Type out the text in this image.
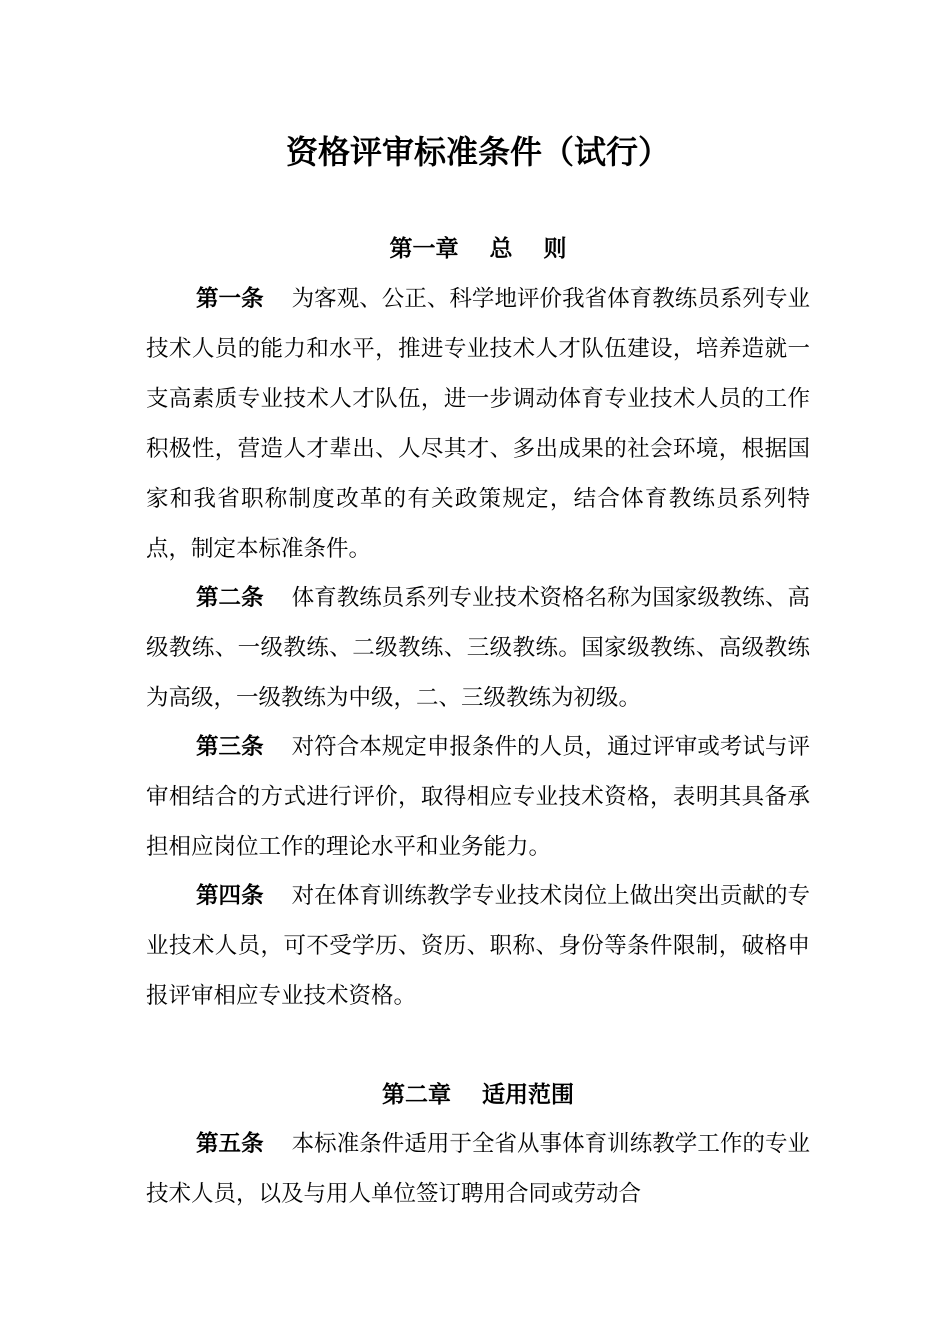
资格评审标准条件（试行）
第一章　 总　 则

第一条 为客观、公正、科学地评价我省体育教练员系列专业技术人员的能力和水平，推进专业技术人才队伍建设，培养造就一支高素质专业技术人才队伍，进一步调动体育专业技术人员的工作积极性，营造人才辈出、人尽其才、多出成果的社会环境，根据国家和我省职称制度改革的有关政策规定，结合体育教练员系列特点，制定本标准条件。

第二条 体育教练员系列专业技术资格名称为国家级教练、高级教练、一级教练、二级教练、三级教练。国家级教练、高级教练为高级，一级教练为中级，二、三级教练为初级。

第三条 对符合本规定申报条件的人员，通过评审或考试与评审相结合的方式进行评价，取得相应专业技术资格，表明其具备承担相应岗位工作的理论水平和业务能力。

第四条 对在体育训练教学专业技术岗位上做出突出贡献的专业技术人员，可不受学历、资历、职称、身份等条件限制，破格申报评审相应专业技术资格。

第二章　 适用范围

第五条 本标准条件适用于全省从事体育训练教学工作的专业技术人员，以及与用人单位签订聘用合同或劳动合
